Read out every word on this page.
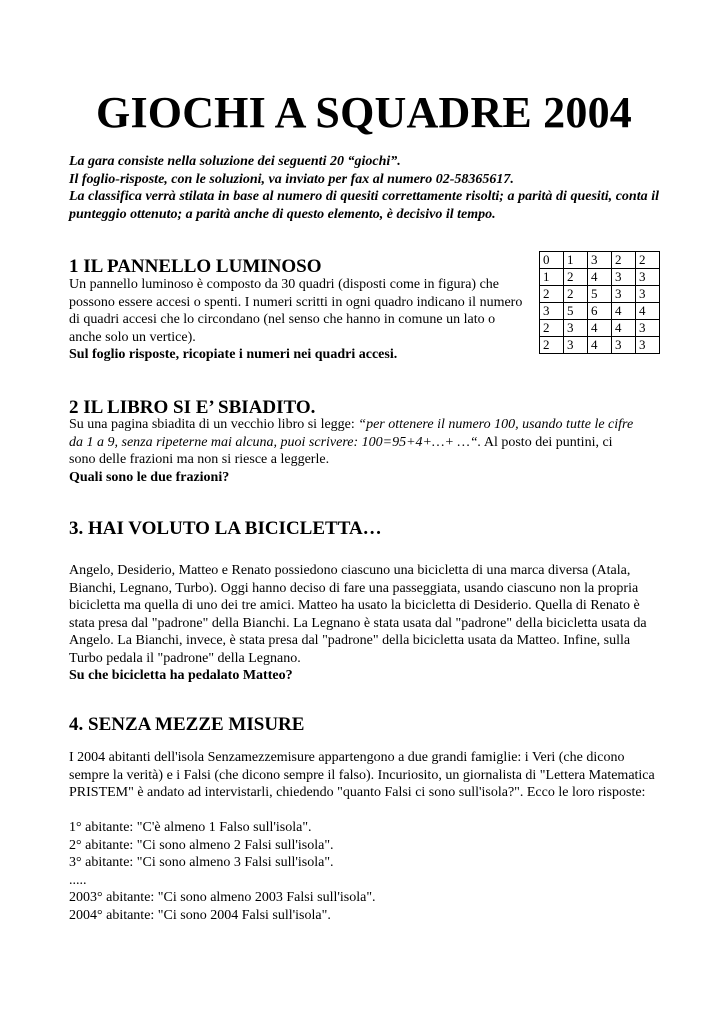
GIOCHI A SQUADRE 2004

La gara consiste nella soluzione dei seguenti 20 “giochi”.

Il foglio-risposte, con le soluzioni, va inviato per fax al numero 02-58365617.

La classifica verrà stilata in base al numero di quesiti correttamente risolti; a parità di quesiti, conta il punteggio ottenuto; a parità anche di questo elemento, è decisivo il tempo.

1 IL PANNELLO LUMINOSO

Un pannello luminoso è composto da 30 quadri (disposti come in figura) che possono essere accesi o spenti. I numeri scritti in ogni quadro indicano il numero di quadri accesi che lo circondano (nel senso che hanno in comune un lato o anche solo un vertice).

Sul foglio risposte, ricopiate i numeri nei quadri accesi.

2 IL LIBRO SI E’ SBIADITO.

Su una pagina sbiadita di un vecchio libro si legge: “per ottenere il numero 100, usando tutte le cifre da 1 a 9, senza ripeterne mai alcuna, puoi scrivere: 100=95+4+…+ …“. Al posto dei puntini, ci sono delle frazioni ma non si riesce a leggerle.

Quali sono le due frazioni?

3. HAI VOLUTO LA BICICLETTA…

Angelo, Desiderio, Matteo e Renato possiedono ciascuno una bicicletta di una marca diversa (Atala, Bianchi, Legnano, Turbo). Oggi hanno deciso di fare una passeggiata, usando ciascuno non la propria bicicletta ma quella di uno dei tre amici. Matteo ha usato la bicicletta di Desiderio. Quella di Renato è stata presa dal "padrone" della Bianchi. La Legnano è stata usata dal "padrone" della bicicletta usata da Angelo. La Bianchi, invece, è stata presa dal "padrone" della bicicletta usata da Matteo. Infine, sulla Turbo pedala il "padrone" della Legnano.

Su che bicicletta ha pedalato Matteo?

4. SENZA MEZZE MISURE

I 2004 abitanti dell'isola Senzamezzemisure appartengono a due grandi famiglie: i Veri (che dicono sempre la verità) e i Falsi (che dicono sempre il falso). Incuriosito, un giornalista di "Lettera Matematica PRISTEM" è andato ad intervistarli, chiedendo "quanto Falsi ci sono sull'isola?". Ecco le loro risposte:

1° abitante: "C'è almeno 1 Falso sull'isola".

2° abitante: "Ci sono almeno 2 Falsi sull'isola".

3° abitante: "Ci sono almeno 3 Falsi sull'isola".

.....

2003° abitante: "Ci sono almeno 2003 Falsi sull'isola".

2004° abitante: "Ci sono 2004 Falsi sull'isola".

0	1	3	2	2
1	2	4	3	3
2	2	5	3	3
3	5	6	4	4
2	3	4	4	3
2	3	4	3	3
